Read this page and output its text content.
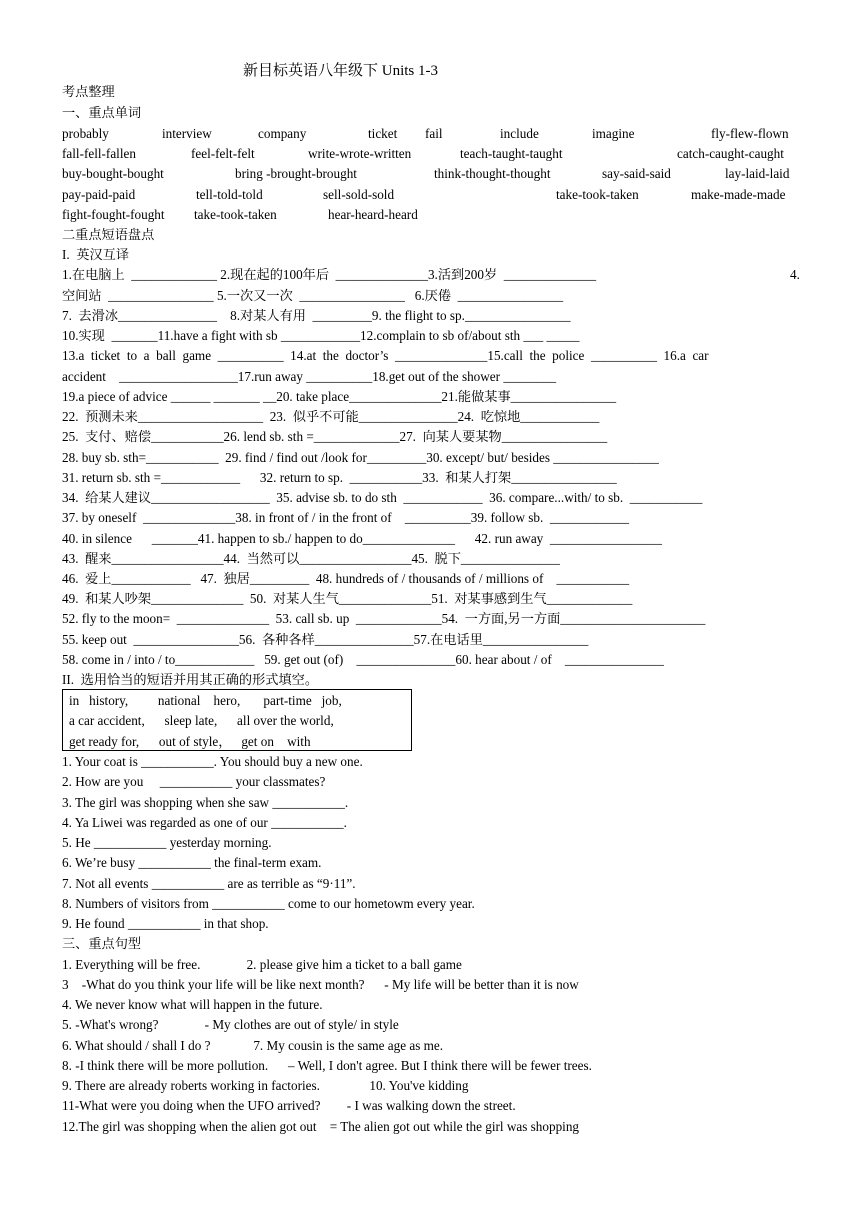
新目标英语八年级下 Units 1-3
考点整理
一、重点单词
probably	interview	company	ticket fail	include	imagine	fly-flew-flown
fall-fell-fallen	feel-felt-felt	write-wrote-written	teach-taught-taught	catch-caught-caught
buy-bought-bought	bring -brought-brought	think-thought-thought	say-said-said	lay-laid-laid
pay-paid-paid	tell-told-told	sell-sold-sold	take-took-taken	make-made-made
fight-fought-fought take-took-taken	hear-heard-heard
二重点短语盘点
I.  英汉互译
1.在电脑上  _____________ 2.现在起的100年后  ______________3.活到200岁  ______________	4.
空间站  ________________ 5.一次又一次  ________________   6.厌倦  ________________
7.  去滑冰_______________    8.对某人有用  _________9. the flight to sp.________________
10.实现  _______11.have a fight with sb ____________12.complain to sb of/about sth ___ _____
13.a  ticket  to  a  ball  game  __________  14.at  the  doctor’s  ______________15.call  the  police  __________  16.a  car
accident    __________________17.run away __________18.get out of the shower ________
19.a piece of advice ______ _______ __20. take place______________21.能做某事________________
22.  预测未来___________________  23.  似乎不可能_______________24.  吃惊地____________
25.  支付、赔偿___________26. lend sb. sth =_____________27.  向某人要某物________________
28. buy sb. sth=___________  29. find / find out /look for_________30. except/ but/ besides ________________
31. return sb. sth =____________      32. return to sp.  ___________33.  和某人打架________________
34.  给某人建议__________________  35. advise sb. to do sth  ____________  36. compare...with/ to sb.  ___________
37. by oneself  ______________38. in front of / in the front of    __________39. follow sb.  ____________
40. in silence      _______41. happen to sb./ happen to do______________      42. run away  _________________
43.  醒来_________________44.  当然可以_________________45.  脱下_______________
46.  爱上____________   47.  独居_________  48. hundreds of / thousands of / millions of    ___________
49.  和某人吵架______________  50.  对某人生气______________51.  对某事感到生气_____________
52. fly to the moon=  ______________  53. call sb. up  _____________54.  一方面,另一方面______________________
55. keep out  ________________56.  各种各样_______________57.在电话里________________
58. come in / into / to____________   59. get out (of)    _______________60. hear about / of    _______________
II.  选用恰当的短语并用其正确的形式填空。
in   history,         national    hero,       part-time   job,
a car accident,      sleep late,      all over the world,
get ready for,      out of style，   get on    with
1. Your coat is ___________. You should buy a new one.
2. How are you     ___________ your classmates?
3. The girl was shopping when she saw ___________.
4. Ya Liwei was regarded as one of our ___________.
5. He ___________ yesterday morning.
6. We’re busy ___________ the final-term exam.
7. Not all events ___________ are as terrible as “9·11”.
8. Numbers of visitors from ___________ come to our hometowm every year.
9. He found ___________ in that shop.
三、重点句型
1. Everything will be free.              2. please give him a ticket to a ball game
3    -What do you think your life will be like next month?      - My life will be better than it is now
4. We never know what will happen in the future.
5. -What's wrong?              - My clothes are out of style/ in style
6. What should / shall I do ?             7. My cousin is the same age as me.
8. -I think there will be more pollution.      – Well, I don't agree. But I think there will be fewer trees.
9. There are already roberts working in factories.               10. You've kidding
11-What were you doing when the UFO arrived?        - I was walking down the street.
12.The girl was shopping when the alien got out    = The alien got out while the girl was shopping
